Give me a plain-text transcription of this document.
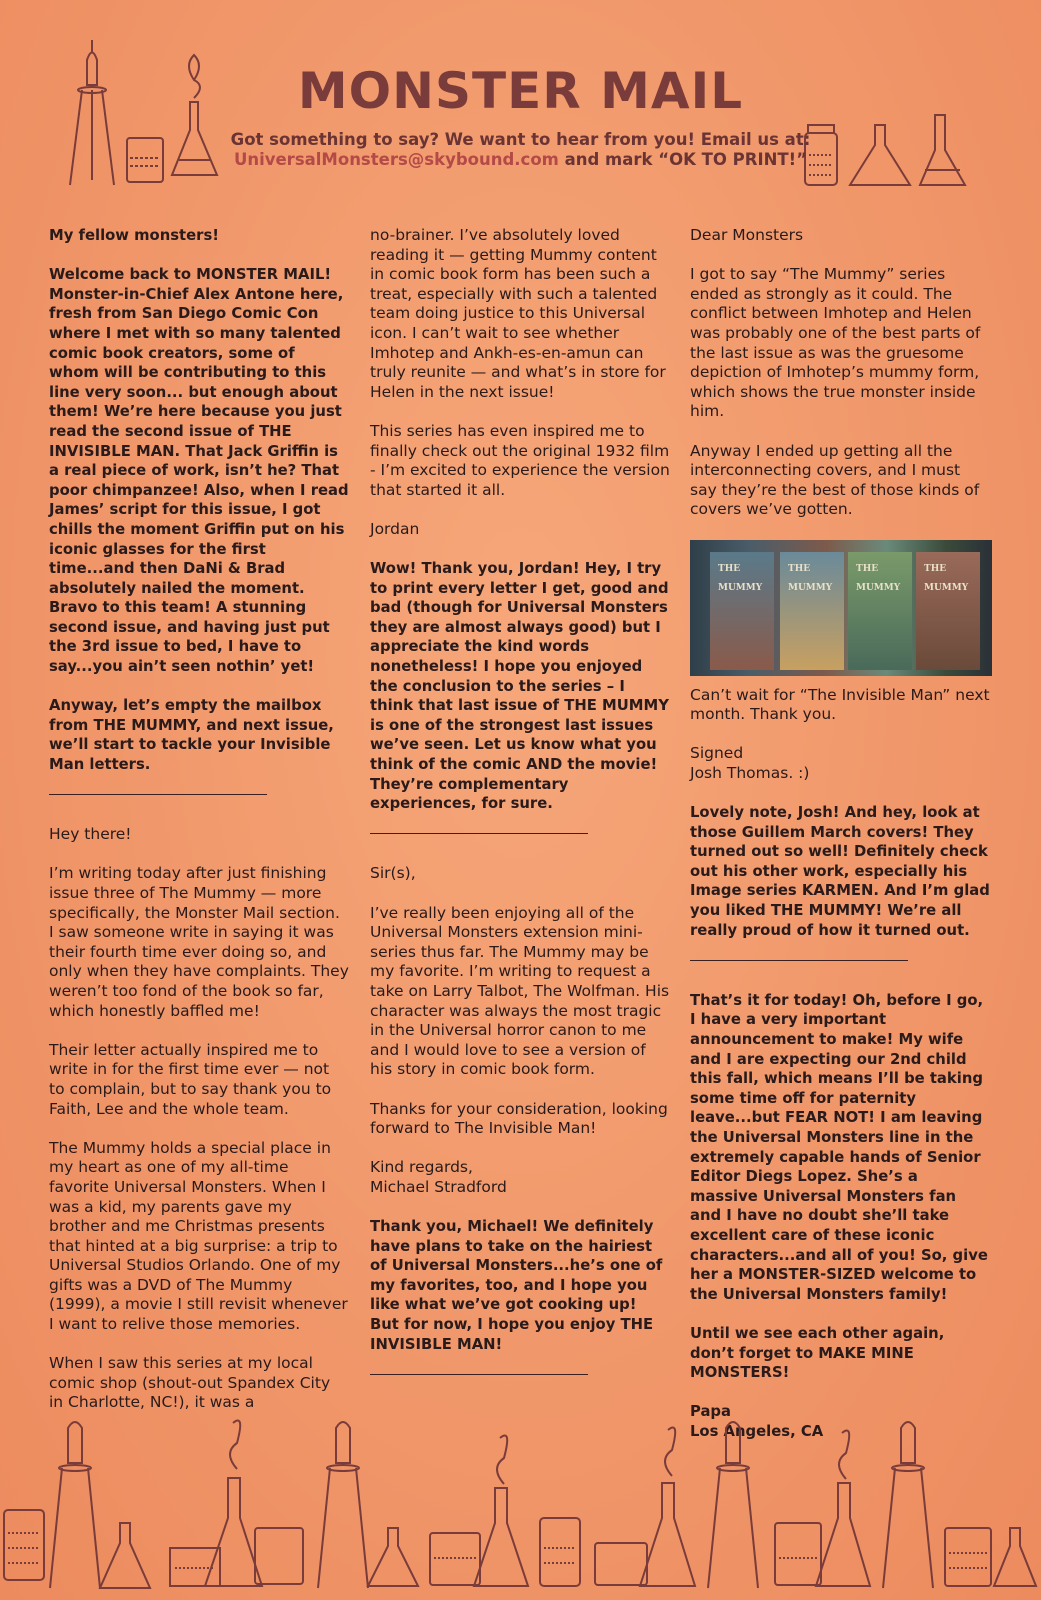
MONSTER MAIL
Got something to say? We want to hear from you! Email us at:
UniversalMonsters@skybound.com and mark “OK TO PRINT!”

My fellow monsters!

Welcome back to MONSTER MAIL! Monster-in-Chief Alex Antone here, fresh from San Diego Comic Con where I met with so many talented comic book creators, some of whom will be contributing to this line very soon... but enough about them! We’re here because you just read the second issue of THE INVISIBLE MAN. That Jack Griffin is a real piece of work, isn’t he? That poor chimpanzee! Also, when I read James’ script for this issue, I got chills the moment Griffin put on his iconic glasses for the first time...and then DaNi & Brad absolutely nailed the moment. Bravo to this team! A stunning second issue, and having just put the 3rd issue to bed, I have to say...you ain’t seen nothin’ yet!

Anyway, let’s empty the mailbox from THE MUMMY, and next issue, we’ll start to tackle your Invisible Man letters.

Hey there!

I’m writing today after just finishing issue three of The Mummy — more specifically, the Monster Mail section. I saw someone write in saying it was their fourth time ever doing so, and only when they have complaints. They weren’t too fond of the book so far, which honestly baffled me!

Their letter actually inspired me to write in for the first time ever — not to complain, but to say thank you to Faith, Lee and the whole team.

The Mummy holds a special place in my heart as one of my all-time favorite Universal Monsters. When I was a kid, my parents gave my brother and me Christmas presents that hinted at a big surprise: a trip to Universal Studios Orlando. One of my gifts was a DVD of The Mummy (1999), a movie I still revisit whenever I want to relive those memories.

When I saw this series at my local comic shop (shout-out Spandex City in Charlotte, NC!), it was a

no-brainer. I’ve absolutely loved reading it — getting Mummy content in comic book form has been such a treat, especially with such a talented team doing justice to this Universal icon. I can’t wait to see whether Imhotep and Ankh-es-en-amun can truly reunite — and what’s in store for Helen in the next issue!

This series has even inspired me to finally check out the original 1932 film - I’m excited to experience the version that started it all.

Jordan

Wow! Thank you, Jordan! Hey, I try to print every letter I get, good and bad (though for Universal Monsters they are almost always good) but I appreciate the kind words nonetheless! I hope you enjoyed the conclusion to the series – I think that last issue of THE MUMMY is one of the strongest last issues we’ve seen. Let us know what you think of the comic AND the movie! They’re complementary experiences, for sure.

Sir(s),

I’ve really been enjoying all of the Universal Monsters extension mini-series thus far. The Mummy may be my favorite. I’m writing to request a take on Larry Talbot, The Wolfman. His character was always the most tragic in the Universal horror canon to me and I would love to see a version of his story in comic book form.

Thanks for your consideration, looking forward to The Invisible Man!

Kind regards,
Michael Stradford

Thank you, Michael! We definitely have plans to take on the hairiest of Universal Monsters...he’s one of my favorites, too, and I hope you like what we’ve got cooking up! But for now, I hope you enjoy THE INVISIBLE MAN!

Dear Monsters

I got to say “The Mummy” series ended as strongly as it could. The conflict between Imhotep and Helen was probably one of the best parts of the last issue as was the gruesome depiction of Imhotep’s mummy form, which shows the true monster inside him.

Anyway I ended up getting all the interconnecting covers, and I must say they’re the best of those kinds of covers we’ve gotten.

THE MUMMY
THE MUMMY
THE MUMMY
THE MUMMY

Can’t wait for “The Invisible Man” next month. Thank you.

Signed
Josh Thomas. :)

Lovely note, Josh! And hey, look at those Guillem March covers! They turned out so well! Definitely check out his other work, especially his Image series KARMEN. And I’m glad you liked THE MUMMY! We’re all really proud of how it turned out.

That’s it for today! Oh, before I go, I have a very important announcement to make! My wife and I are expecting our 2nd child this fall, which means I’ll be taking some time off for paternity leave...but FEAR NOT! I am leaving the Universal Monsters line in the extremely capable hands of Senior Editor Diegs Lopez. She’s a massive Universal Monsters fan and I have no doubt she’ll take excellent care of these iconic characters...and all of you! So, give her a MONSTER-SIZED welcome to the Universal Monsters family!

Until we see each other again, don’t forget to MAKE MINE MONSTERS!

Papa
Los Angeles, CA
